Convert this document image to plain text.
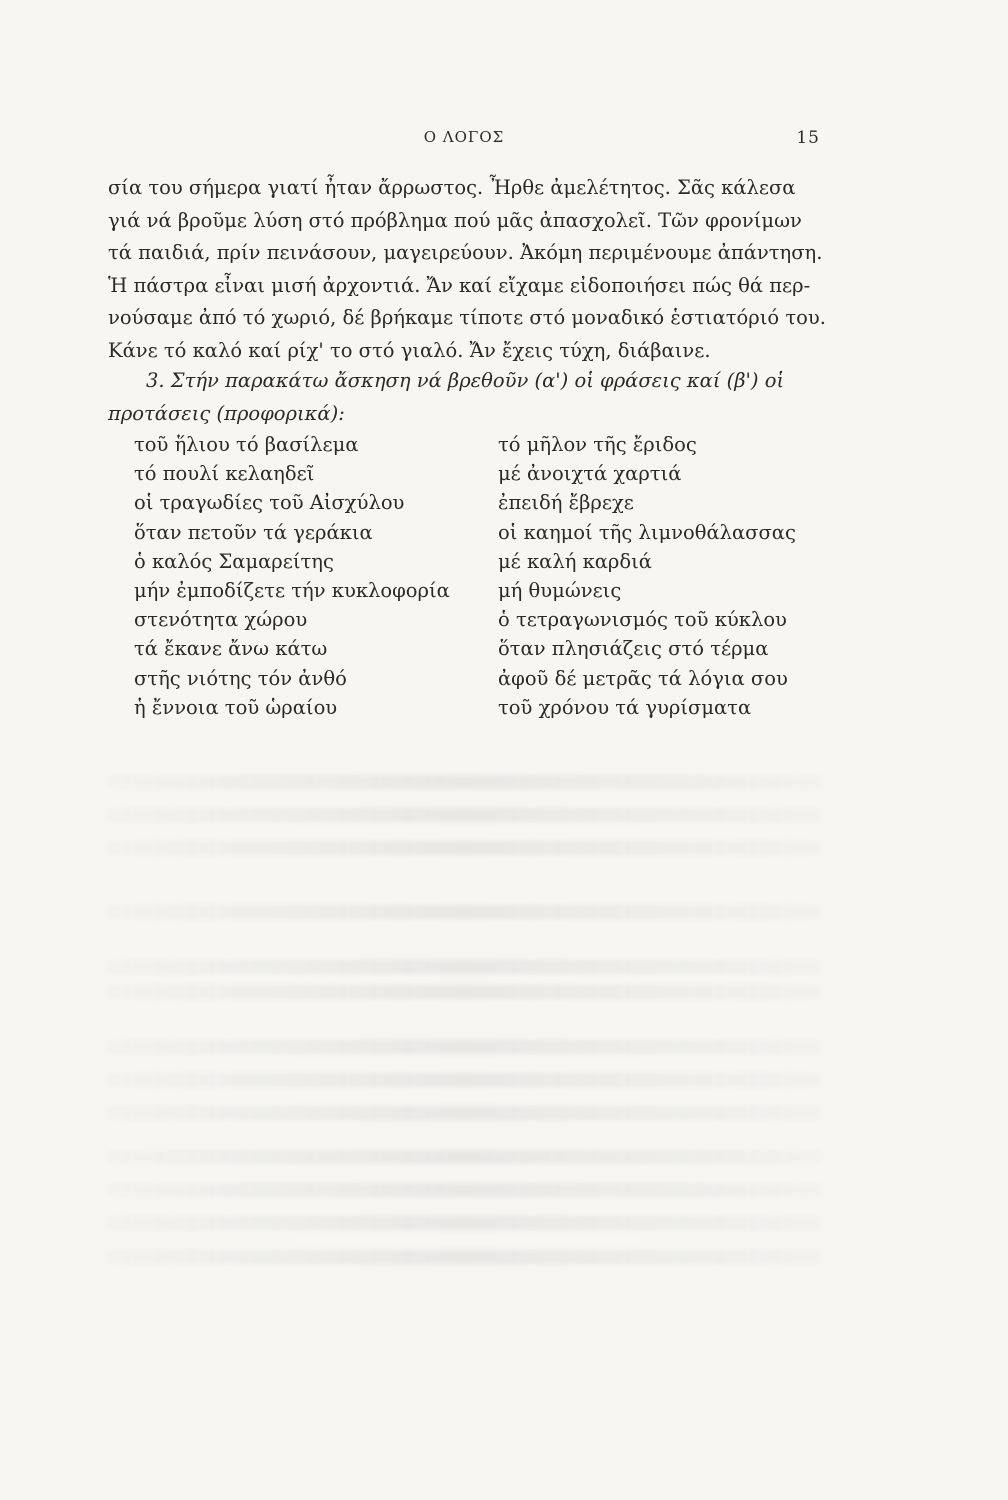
Ο ΛΟΓΟΣ	15
σία του σήμερα γιατί ἦταν ἄρρωστος. Ἦρθε ἀμελέτητος. Σᾶς κάλεσα
γιά νά βροῦμε λύση στό πρόβλημα πού μᾶς ἀπασχολεῖ. Τῶν φρονίμων
τά παιδιά, πρίν πεινάσουν, μαγειρεύουν. Ἀκόμη περιμένουμε ἀπάντηση.
Ἡ πάστρα εἶναι μισή ἀρχοντιά. Ἄν καί εἴχαμε εἰδοποιήσει πώς θά περ-
νούσαμε ἀπό τό χωριό, δέ βρήκαμε τίποτε στό μοναδικό ἑστιατόριό του.
Κάνε τό καλό καί ρίχ' το στό γιαλό. Ἄν ἔχεις τύχη, διάβαινε.
3. Στήν παρακάτω ἄσκηση νά βρεθοῦν (α') οἱ φράσεις καί (β') οἱ
προτάσεις (προφορικά):
τοῦ ἥλιου τό βασίλεμα
τό πουλί κελαηδεῖ
οἱ τραγωδίες τοῦ Αἰσχύλου
ὅταν πετοῦν τά γεράκια
ὁ καλός Σαμαρείτης
μήν ἐμποδίζετε τήν κυκλοφορία
στενότητα χώρου
τά ἔκανε ἄνω κάτω
στῆς νιότης τόν ἀνθό
ἡ ἔννοια τοῦ ὡραίου
τό μῆλον τῆς ἔριδος
μέ ἀνοιχτά χαρτιά
ἐπειδή ἔβρεχε
οἱ καημοί τῆς λιμνοθάλασσας
μέ καλή καρδιά
μή θυμώνεις
ὁ τετραγωνισμός τοῦ κύκλου
ὅταν πλησιάζεις στό τέρμα
ἀφοῦ δέ μετρᾶς τά λόγια σου
τοῦ χρόνου τά γυρίσματα
